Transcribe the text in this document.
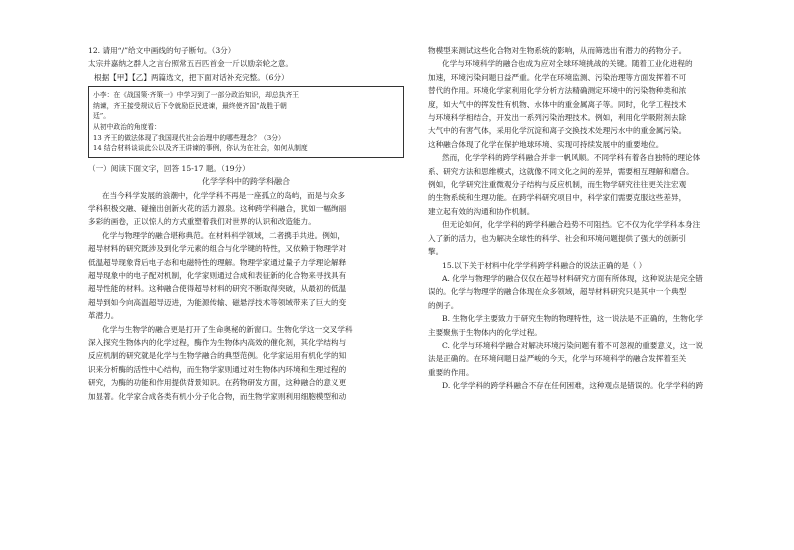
12. 请用“/”给文中画线的句子断句。（3分）

太宗并嘉纳之群人之言台照常五百匹首金一斤以励亲轮之意。

根据【甲】【乙】两篇选文，把下面对话补充完整。（6分）

小李：在《战国策·齐策一》中学习到了一部分政治知识，却总执齐王

纳谏，齐王接受规议后下令就励臣民进谏，最终使齐国“战胜于朝

廷”。

从初中政治的角度看：

13 齐王的做法体现了我国现代社会治理中的哪些理念？（3分）

14 结合材料谈谈此公以及齐王讲谏的事例，你认为在社会，如何从制度

（一）阅读下面文字，回答 15-17 题。（19分）

化学学科中的跨学科融合

在当今科学发展的浪潮中，化学学科不再是一座孤立的岛屿，而是与众多

学科积极交融、碰撞出创新火花的活力源泉。这种跨学科融合，犹如一幅绚丽

多彩的画卷，正以惊人的方式重塑着我们对世界的认识和改造能力。

化学与物理学的融合堪称典范。在材料科学领域，二者携手共进。例如，

超导材料的研究既涉及到化学元素的组合与化学键的特性，又依赖于物理学对

低温超导现象背后电子态和电磁特性的理解。物理学家通过量子力学理论解释

超导现象中的电子配对机制，化学家则通过合成和表征新的化合物来寻找具有

超导性能的材料。这种融合使得超导材料的研究不断取得突破，从最初的低温

超导到如今向高温超导迈进，为能源传输、磁悬浮技术等领域带来了巨大的变

革潜力。

化学与生物学的融合更是打开了生命奥秘的新窗口。生物化学这一交叉学科

深入探究生物体内的化学过程，酶作为生物体内高效的催化剂，其化学结构与

反应机制的研究就是化学与生物学融合的典型范例。化学家运用有机化学的知

识来分析酶的活性中心结构，而生物学家则通过对生物体内环境和生理过程的

研究，为酶的功能和作用提供背景知识。在药物研发方面，这种融合的意义更

加显著。化学家合成各类有机小分子化合物，而生物学家则利用细胞模型和动

物模型来测试这些化合物对生物系统的影响，从而筛选出有潜力的药物分子。

化学与环境科学的融合也成为应对全球环境挑战的关键。随着工业化进程的

加速，环境污染问题日益严重。化学在环境监测、污染治理等方面发挥着不可

替代的作用。环境化学家利用化学分析方法精确测定环境中的污染物种类和浓

度，如大气中的挥发性有机物、水体中的重金属离子等。同时，化学工程技术

与环境科学相结合，开发出一系列污染治理技术。例如，利用化学吸附剂去除

大气中的有害气体，采用化学沉淀和离子交换技术处理污水中的重金属污染。

这种融合体现了化学在保护地球环境、实现可持续发展中的重要地位。

然而，化学学科的跨学科融合并非一帆风顺。不同学科有着各自独特的理论体

系、研究方法和思维模式，这就像不同文化之间的差异，需要相互理解和磨合。

例如，化学研究注重微观分子结构与反应机制，而生物学研究往往更关注宏观

的生物系统和生理功能。在跨学科研究项目中，科学家们需要克服这些差异，

建立起有效的沟通和协作机制。

但无论如何，化学学科的跨学科融合趋势不可阻挡。它不仅为化学学科本身注

入了新的活力，也为解决全球性的科学、社会和环境问题提供了强大的创新引

擎。

15.以下关于材料中化学学科跨学科融合的说法正确的是（ ）

A. 化学与物理学的融合仅仅在超导材料研究方面有所体现，这种说法是完全错

误的。化学与物理学的融合体现在众多领域，超导材料研究只是其中一个典型

的例子。

B. 生物化学主要致力于研究生物的物理特性，这一说法是不正确的，生物化学

主要聚焦于生物体内的化学过程。

C. 化学与环境科学融合对解决环境污染问题有着不可忽视的重要意义，这一说

法是正确的。在环境问题日益严峻的今天，化学与环境科学的融合发挥着至关

重要的作用。

D. 化学学科的跨学科融合不存在任何困难，这种观点是错误的。化学学科的跨
